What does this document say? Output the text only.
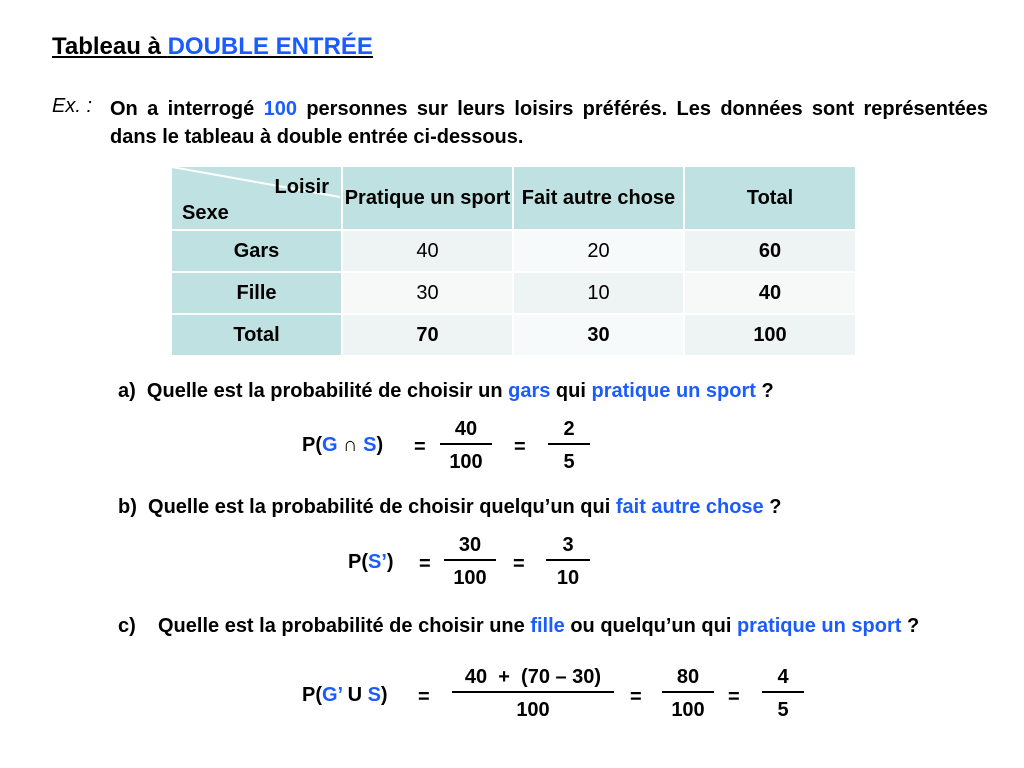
Tableau à DOUBLE ENTRÉE
Ex. : On a interrogé 100 personnes sur leurs loisirs préférés. Les données sont représentées dans le tableau à double entrée ci-dessous.
Loisir
Sexe	Pratique un sport	Fait autre chose	Total
Gars	40	20	60
Fille	30	10	40
Total	70	30	100
a) Quelle est la probabilité de choisir un gars qui pratique un sport ?
P(G ∩ S) =
40
100
=
2
5
b) Quelle est la probabilité de choisir quelqu’un qui fait autre chose ?
P(S’) =
30
100
=
3
10
c) Quelle est la probabilité de choisir une fille ou quelqu’un qui pratique un sport ?
P(G’ U S) =
40  +  (70 – 30)
100
=
80
100
=
4
5
